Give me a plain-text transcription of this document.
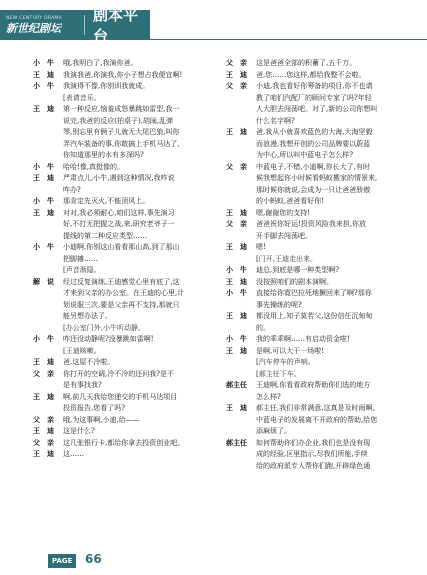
NEW CENTURY DRAMA
新世纪剧坛
剧本平台
小　牛	哦,我明白了,我演你爸。
王　迪	我演我爸,你演我,你小子想占我便宜啊!
小　牛	我演得不像,你别训我就成。
[表请音乐。
王　迪	第一种反应,恼羞成怒暴跳如雷型,我一
说完,我爸的反应(拍桌子),胡闹,乱弹
琴,别忘里有俩子儿就无大尾巴狼,叫你
弄汽车装备的事,你敢搞上手机马达了,
你知道那里的水有多深吗?
小　牛	哈哈!像,真挺像的。
王　迪	严肃点儿,小牛,遇到这种情况,我咋说
咋办?
小　牛	那肯定先灭火,不能顶风上。
王　迪	对对,我必须耐心,咱们这样,事先演习
好,不打无把握之战,来,研究老爷子一
提线的第二种反应类型……
小　牛	小迪啊,你别这山看看那山高,到了那山
把脚摊……
[声音渐隐。
解　说	经过反复演练,王迪感觉心里有底了,这
才来到父亲的办公室。在王迪的心里,计
划说服三次,要是父亲再不支持,那就只
能另想办法了。
[办公室门外,小牛听动静。
小　牛	咋还没动静呢?没暴跳如雷啊!
[王迪咳嗽。
王　迪	爸,这屋不冷啦。
父　亲	你打开的空调,冷不冷的还问我?是不
是有事找我?
王　迪	啊,前几天我给您递交的手机马达项目
投资报告,您看了吗?
父　亲	哦,为这事啊,小迪,给——
王　迪	这是什么?
父　亲	这几张银行卡,都给你拿去投资创业吧。
王　迪	这……
父　亲	这是爸爸全部的积蓄了,五千万。
王　迪	爸,您……您这样,都给我整不会啦。
父　亲	小迪,我也看好你筹备的项目,你不也请
教了咱们汽配厂的顾问专家了吗?年轻
人大胆去闯荡吧。对了,新的公司你想叫
什么名字啊?
王　迪	爸,我从小就喜欢蓝色的大海,大海坚毅
而浪漫,我想开创的公司品牌要以蔚蓝
为中心,所以叫中蓝电子怎么样?
父　亲	中蓝电子,不错,小迪啊,你长大了,有时
候我想起你小时候看蚂蚁搬家的情景来,
那时候你就说,会成为一只让爸爸骄傲
的小蚂蚁,爸爸看好你!
王　迪	嗯,谢谢您的支持!
父　亲	爸爸祝你好运!投资风险我来担,你放
开手脚去闯荡吧。
王　迪	嗯!
[门开,王迪走出来。
小　牛	迪总,到底是哪一种类型啊?
王　迪	没按照咱们的剧本演啊。
小　牛	直接给你霓巴拉死地撅回来了啊?那你
事先操练的呢?
王　迪	都没用上,知子莫若父,这份信任沉甸甸
的。
小　牛	我的乖乖啊……有启动资金啦!
王　迪	是啊,可以大干一场啦!
[汽车停车的声响。
[郝主任下车。
郝主任	王迪啊,你看看政府帮助你们选的地方
怎么样?
王　迪	郝主任,我们非常满意,这真是及时雨啊。
中蓝电子的发展离不开政府的帮助,给您
添麻烦了。
郝主任	如何帮助你们办企业,我们也是没有现
成的经验,区里指示,尽我们所能,手续
给的政府派专人帮你们跑,开辟绿色通
PAGE	66
